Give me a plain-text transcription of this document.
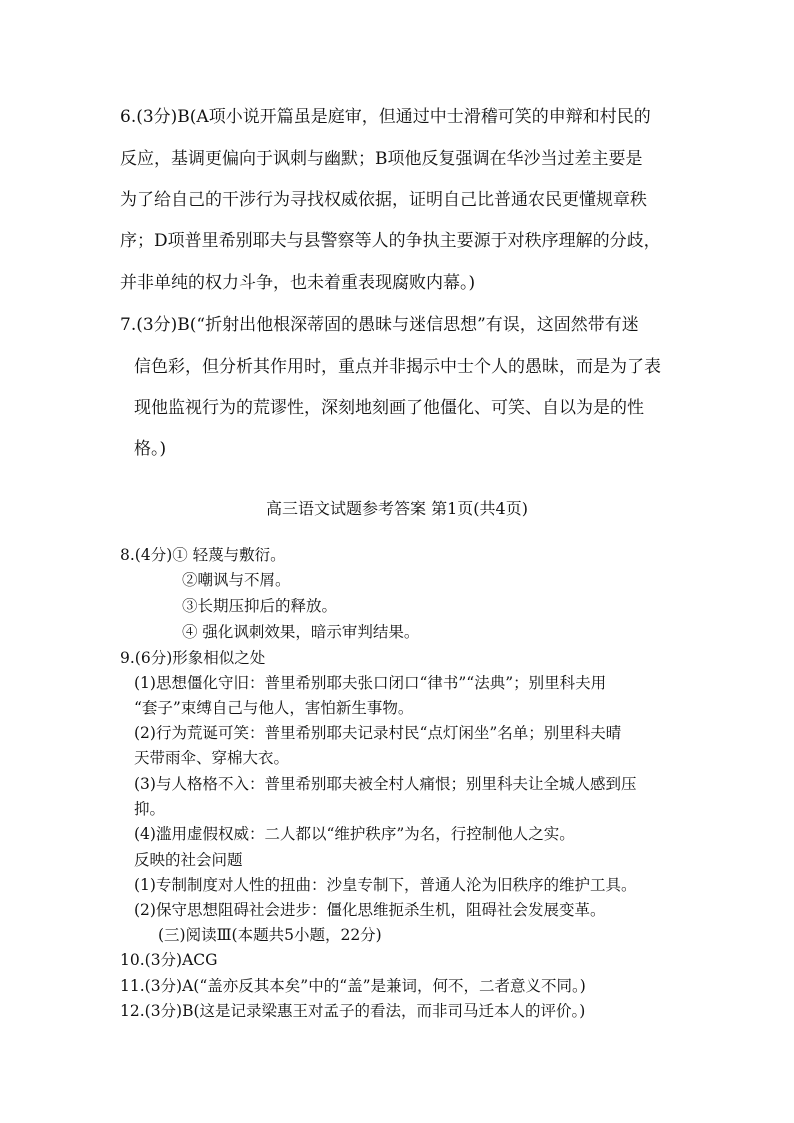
6.(3分)B(A项小说开篇虽是庭审，但通过中士滑稽可笑的申辩和村民的
反应，基调更偏向于讽刺与幽默；B项他反复强调在华沙当过差主要是
为了给自己的干涉行为寻找权威依据，证明自己比普通农民更懂规章秩
序；D项普里希别耶夫与县警察等人的争执主要源于对秩序理解的分歧，
并非单纯的权力斗争，也未着重表现腐败内幕。)
7.(3分)B(“折射出他根深蒂固的愚昧与迷信思想”有误，这固然带有迷
信色彩，但分析其作用时，重点并非揭示中士个人的愚昧，而是为了表
现他监视行为的荒谬性，深刻地刻画了他僵化、可笑、自以为是的性
格。)
高三语文试题参考答案 第1页(共4页)
8.(4分)① 轻蔑与敷衍。
②嘲讽与不屑。
③长期压抑后的释放。
④ 强化讽刺效果，暗示审判结果。
9.(6分)形象相似之处
(1)思想僵化守旧：普里希别耶夫张口闭口“律书”“法典”；别里科夫用
“套子”束缚自己与他人，害怕新生事物。
(2)行为荒诞可笑：普里希别耶夫记录村民“点灯闲坐”名单；别里科夫晴
天带雨伞、穿棉大衣。
(3)与人格格不入：普里希别耶夫被全村人痛恨；别里科夫让全城人感到压
抑。
(4)滥用虚假权威：二人都以“维护秩序”为名，行控制他人之实。
反映的社会问题
(1)专制制度对人性的扭曲：沙皇专制下，普通人沦为旧秩序的维护工具。
(2)保守思想阻碍社会进步：僵化思维扼杀生机，阻碍社会发展变革。
(三)阅读Ⅲ(本题共5小题，22分)
10.(3分)ACG
11.(3分)A(“盖亦反其本矣”中的“盖”是兼词，何不，二者意义不同。)
12.(3分)B(这是记录梁惠王对孟子的看法，而非司马迁本人的评价。)
